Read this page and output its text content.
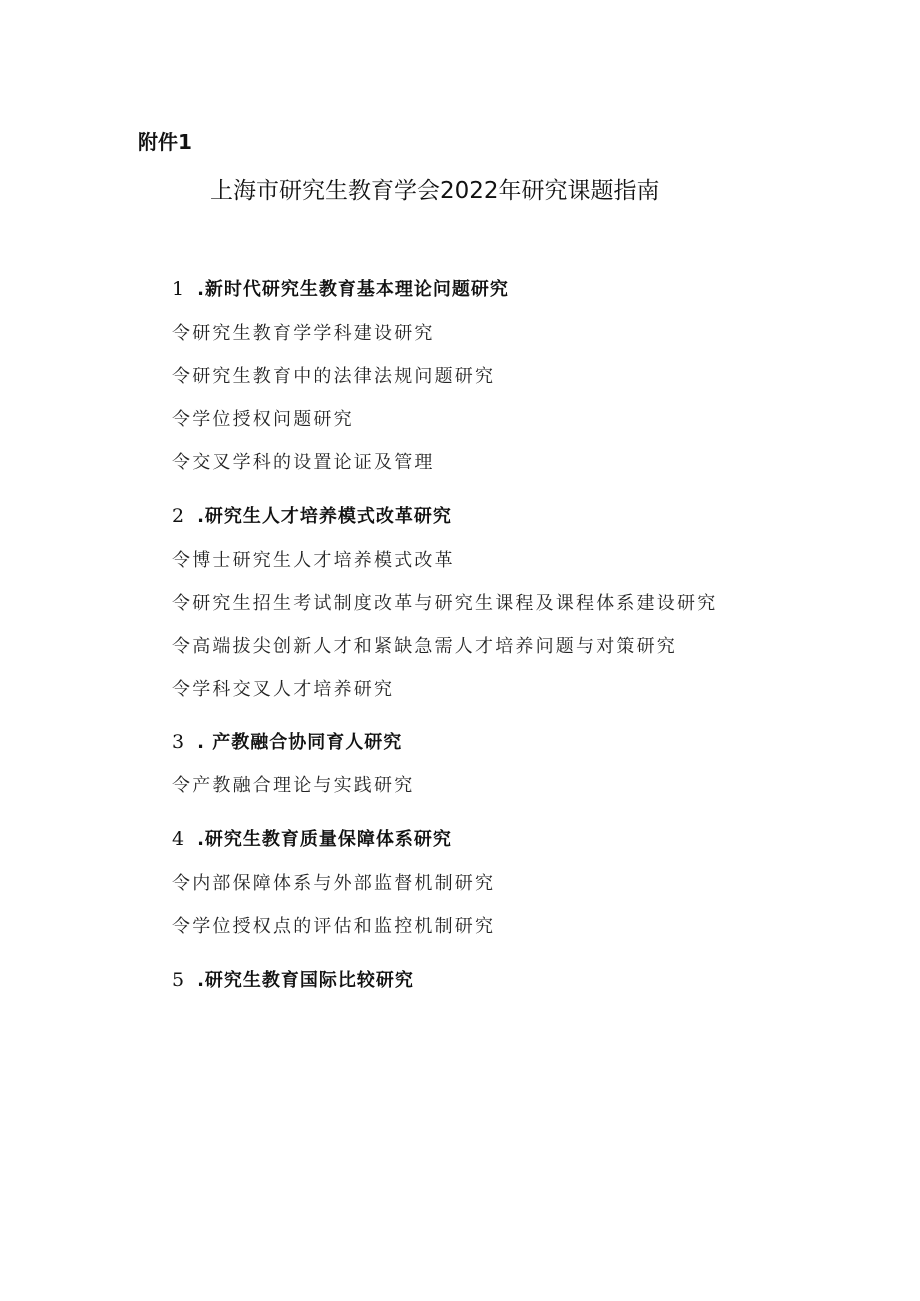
附件1
上海市研究生教育学会2022年研究课题指南
1 .新时代研究生教育基本理论问题研究
令研究生教育学学科建设研究
令研究生教育中的法律法规问题研究
令学位授权问题研究
令交叉学科的设置论证及管理
2 .研究生人才培养模式改革研究
令博士研究生人才培养模式改革
令研究生招生考试制度改革与研究生课程及课程体系建设研究
令高端拔尖创新人才和紧缺急需人才培养问题与对策研究
令学科交叉人才培养研究
3 . 产教融合协同育人研究
令产教融合理论与实践研究
4 .研究生教育质量保障体系研究
令内部保障体系与外部监督机制研究
令学位授权点的评估和监控机制研究
5 .研究生教育国际比较研究
